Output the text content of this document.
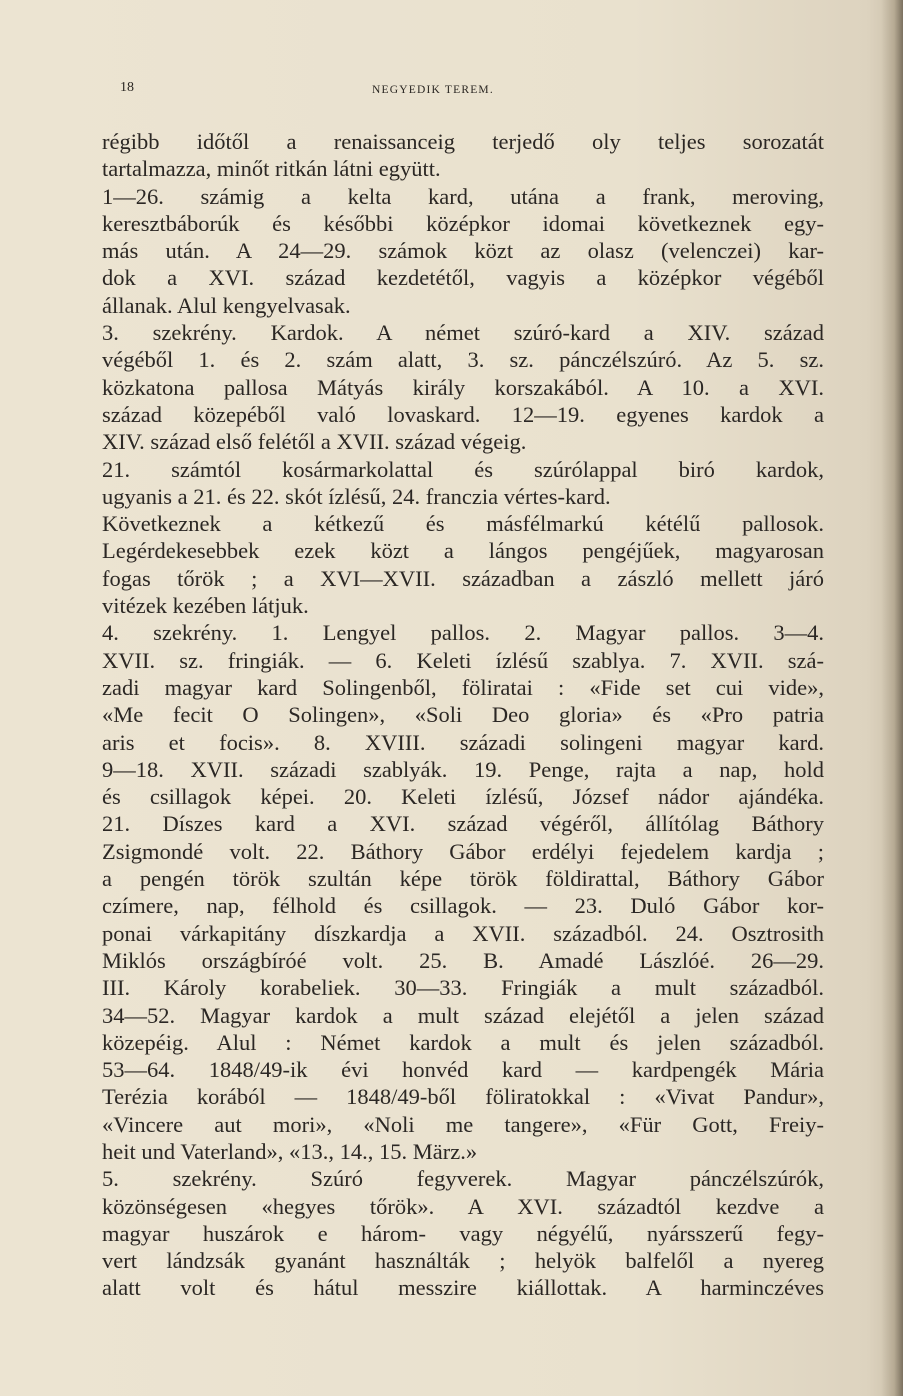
18	NEGYEDIK TEREM.
régibb időtől a renaissanceig terjedő oly teljes sorozatát
tartalmazza, minőt ritkán látni együtt.
1—26. számig a kelta kard, utána a frank, meroving,
keresztbáborúk és későbbi középkor idomai következnek egy-
más után. A 24—29. számok közt az olasz (velenczei) kar-
dok a XVI. század kezdetétől, vagyis a középkor végéből
állanak. Alul kengyelvasak.
3. szekrény. Kardok. A német szúró-kard a XIV. század
végéből 1. és 2. szám alatt, 3. sz. pánczélszúró. Az 5. sz.
közkatona pallosa Mátyás király korszakából. A 10. a XVI.
század közepéből való lovaskard. 12—19. egyenes kardok a
XIV. század első felétől a XVII. század végeig.
21. számtól kosármarkolattal és szúrólappal biró kardok,
ugyanis a 21. és 22. skót ízlésű, 24. franczia vértes-kard.
Következnek a kétkezű és másfélmarkú kétélű pallosok.
Legérdekesebbek ezek közt a lángos pengéjűek, magyarosan
fogas tőrök ; a XVI—XVII. században a zászló mellett járó
vitézek kezében látjuk.
4. szekrény. 1. Lengyel pallos. 2. Magyar pallos. 3—4.
XVII. sz. fringiák. — 6. Keleti ízlésű szablya. 7. XVII. szá-
zadi magyar kard Solingenből, föliratai : «Fide set cui vide»,
«Me fecit O Solingen», «Soli Deo gloria» és «Pro patria
aris et focis». 8. XVIII. századi solingeni magyar kard.
9—18. XVII. századi szablyák. 19. Penge, rajta a nap, hold
és csillagok képei. 20. Keleti ízlésű, József nádor ajándéka.
21. Díszes kard a XVI. század végéről, állítólag Báthory
Zsigmondé volt. 22. Báthory Gábor erdélyi fejedelem kardja ;
a pengén török szultán képe török földirattal, Báthory Gábor
czímere, nap, félhold és csillagok. — 23. Duló Gábor kor-
ponai várkapitány díszkardja a XVII. századból. 24. Osztrosith
Miklós országbíróé volt. 25. B. Amadé Lászlóé. 26—29.
III. Károly korabeliek. 30—33. Fringiák a mult századból.
34—52. Magyar kardok a mult század elejétől a jelen század
közepéig. Alul : Német kardok a mult és jelen századból.
53—64. 1848/49-ik évi honvéd kard — kardpengék Mária
Terézia korából — 1848/49-ből föliratokkal : «Vivat Pandur»,
«Vincere aut mori», «Noli me tangere», «Für Gott, Freiy-
heit und Vaterland», «13., 14., 15. März.»
5. szekrény. Szúró fegyverek. Magyar pánczélszúrók,
közönségesen «hegyes tőrök». A XVI. századtól kezdve a
magyar huszárok e három- vagy négyélű, nyársszerű fegy-
vert lándzsák gyanánt használták ; helyök balfelől a nyereg
alatt volt és hátul messzire kiállottak. A harminczéves
